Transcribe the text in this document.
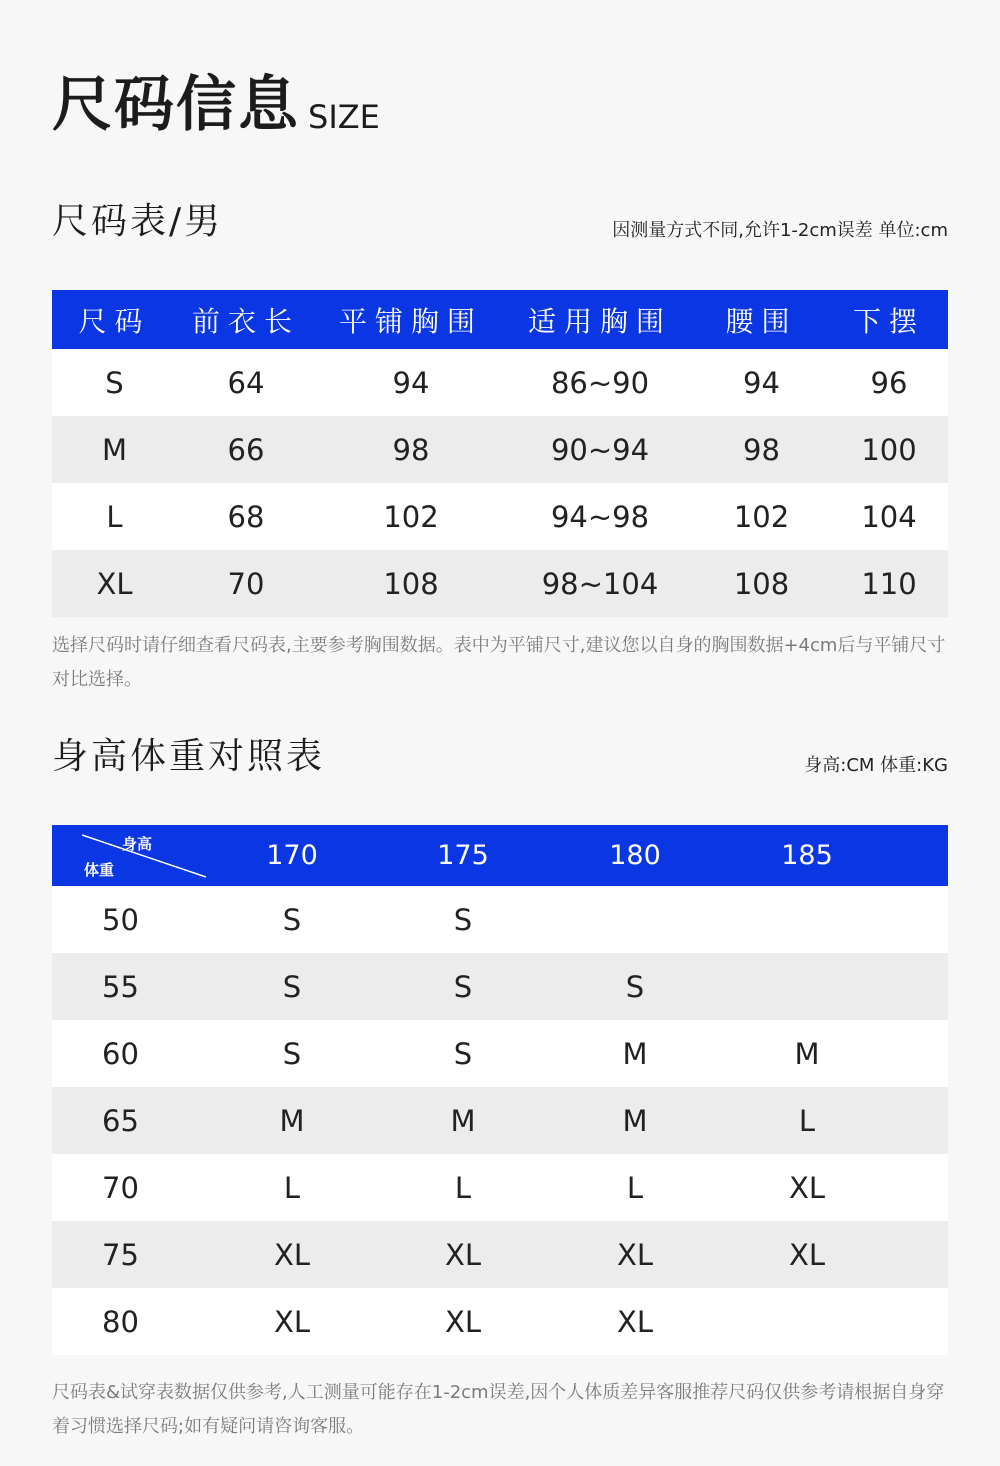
尺码信息 SIZE
尺码表/男	因测量方式不同,允许1-2cm误差 单位:cm
尺码	前衣长	平铺胸围	适用胸围	腰围	下摆
S	64	94	86~90	94	96
M	66	98	90~94	98	100
L	68	102	94~98	102	104
XL	70	108	98~104	108	110
选择尺码时请仔细查看尺码表,主要参考胸围数据。表中为平铺尺寸,建议您以自身的胸围数据+4cm后与平铺尺寸对比选择。
身高体重对照表	身高:CM 体重:KG
身高
体重	170	175	180	185	
50	S	S			
55	S	S	S		
60	S	S	M	M	
65	M	M	M	L	
70	L	L	L	XL	
75	XL	XL	XL	XL	
80	XL	XL	XL		
尺码表&试穿表数据仅供参考,人工测量可能存在1-2cm误差,因个人体质差异客服推荐尺码仅供参考请根据自身穿着习惯选择尺码;如有疑问请咨询客服。
